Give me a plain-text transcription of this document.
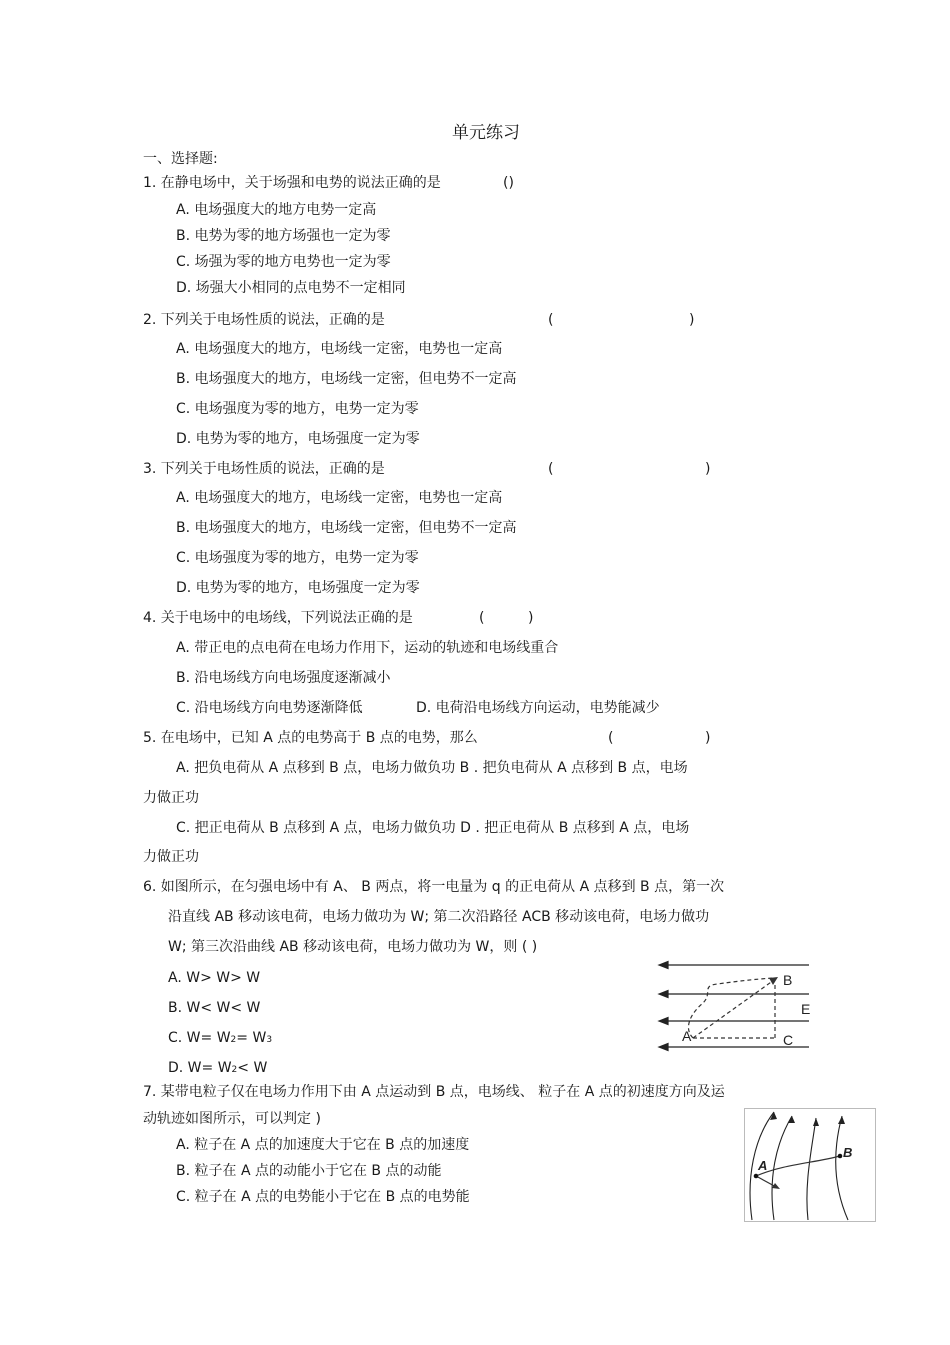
单元练习
一、选择题:
1. 在静电场中，关于场强和电势的说法正确的是	()
A. 电场强度大的地方电势一定高
B. 电势为零的地方场强也一定为零
C. 场强为零的地方电势也一定为零
D. 场强大小相同的点电势不一定相同
2. 下列关于电场性质的说法，正确的是	(	)
A. 电场强度大的地方，电场线一定密，电势也一定高
B. 电场强度大的地方，电场线一定密，但电势不一定高
C. 电场强度为零的地方，电势一定为零
D. 电势为零的地方，电场强度一定为零
3. 下列关于电场性质的说法，正确的是	(	)
A. 电场强度大的地方，电场线一定密，电势也一定高
B. 电场强度大的地方，电场线一定密，但电势不一定高
C. 电场强度为零的地方，电势一定为零
D. 电势为零的地方，电场强度一定为零
4. 关于电场中的电场线，下列说法正确的是	(	)
A. 带正电的点电荷在电场力作用下，运动的轨迹和电场线重合
B. 沿电场线方向电场强度逐渐减小
C. 沿电场线方向电势逐渐降低	D. 电荷沿电场线方向运动，电势能减少
5. 在电场中，已知 A 点的电势高于 B 点的电势，那么	(	)
A. 把负电荷从 A 点移到 B 点，电场力做负功 B . 把负电荷从 A 点移到 B 点，电场
力做正功
C. 把正电荷从 B 点移到 A 点，电场力做负功 D . 把正电荷从 B 点移到 A 点，电场
力做正功
6. 如图所示，在匀强电场中有 A、 B 两点，将一电量为 q 的正电荷从 A 点移到 B 点，第一次
沿直线 AB 移动该电荷，电场力做功为 W; 第二次沿路径 ACB 移动该电荷，电场力做功
W; 第三次沿曲线 AB 移动该电荷，电场力做功为 W，则 ( )
A. W> W> W
B. W< W< W
C. W= W2= W3
D. W= W2< W
B
E
A	C
7. 某带电粒子仅在电场力作用下由 A 点运动到 B 点，电场线、 粒子在 A 点的初速度方向及运
动轨迹如图所示，可以判定 )
A. 粒子在 A 点的加速度大于它在 B 点的加速度
B. 粒子在 A 点的动能小于它在 B 点的动能
C. 粒子在 A 点的电势能小于它在 B 点的电势能
A
B
